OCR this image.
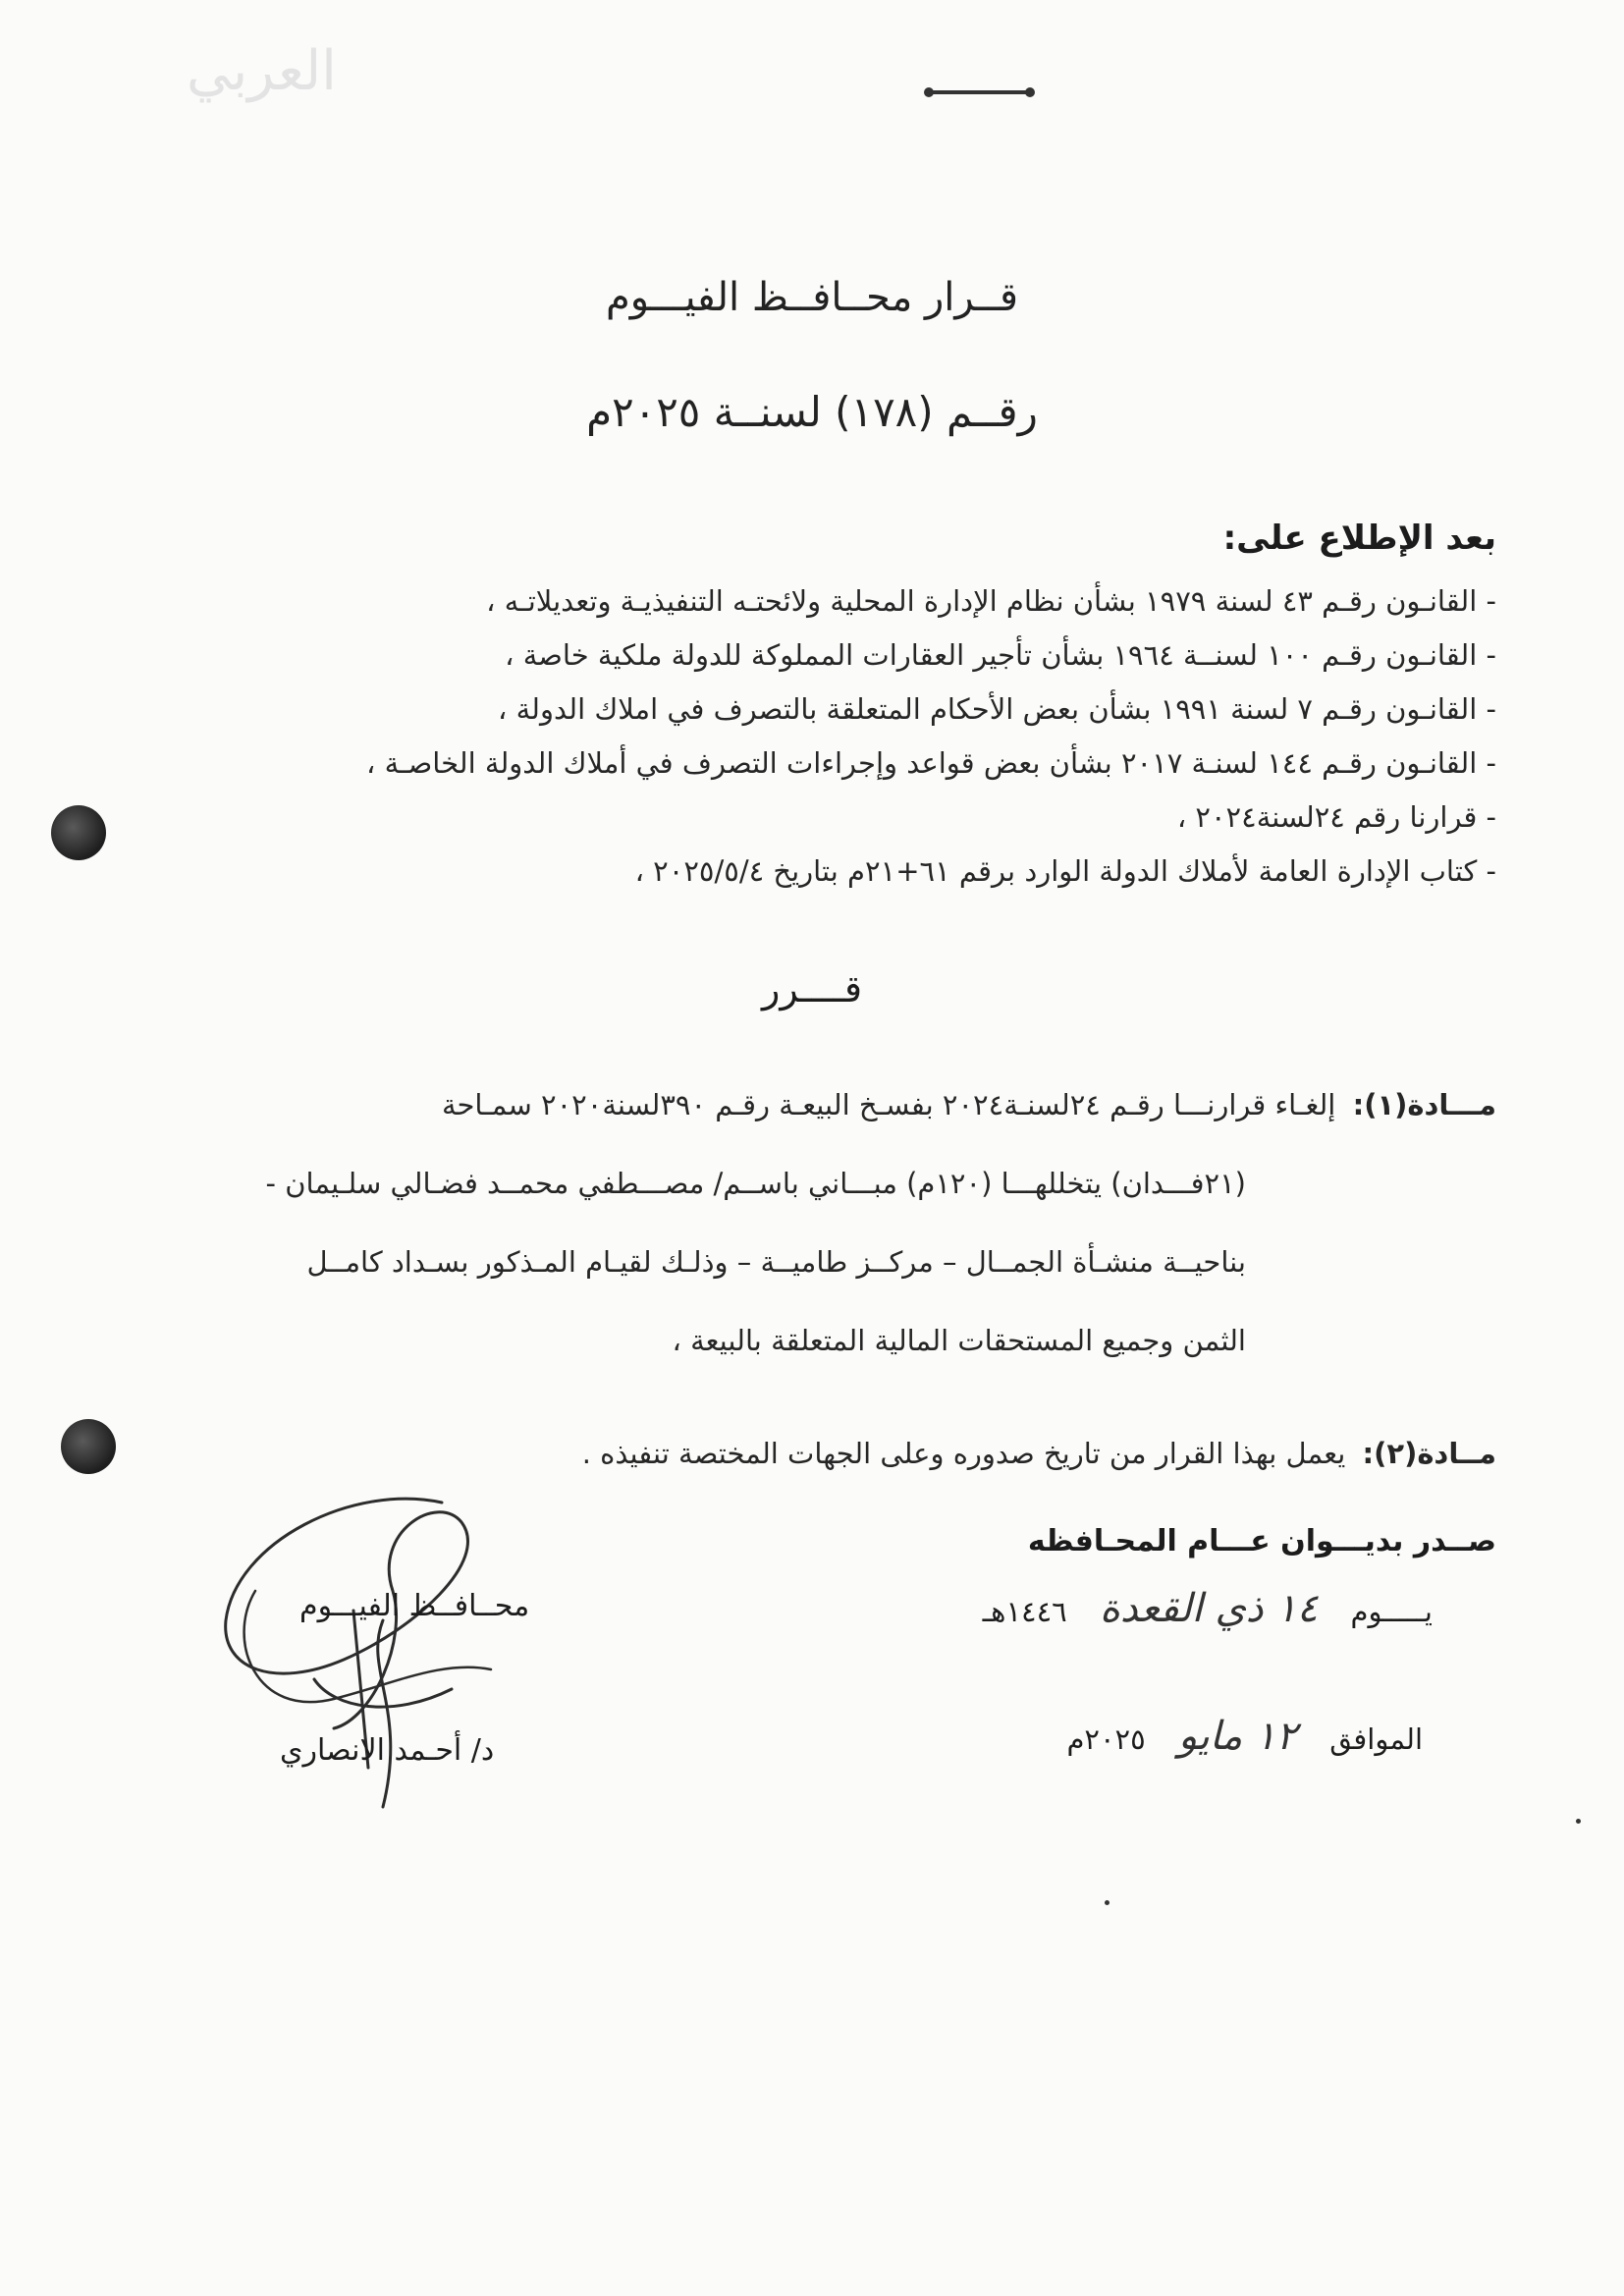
العربي
قــرار محــافــظ الفيـــوم
رقــم (١٧٨) لسنــة ٢٠٢٥م
بعد الإطلاع على:
- القانـون رقـم ٤٣ لسنة ١٩٧٩ بشأن نظام الإدارة المحلية ولائحتـه التنفيذيـة وتعديلاتـه ،
- القانـون رقـم ١٠٠ لسنــة ١٩٦٤ بشأن تأجير العقارات المملوكة للدولة ملكية خاصة ،
- القانـون رقـم ٧ لسنة ١٩٩١ بشأن بعض الأحكام المتعلقة بالتصرف في املاك الدولة ،
- القانـون رقـم ١٤٤ لسنـة ٢٠١٧ بشأن بعض قواعد وإجراءات التصرف في أملاك الدولة الخاصـة ،
- قرارنا رقم ٢٤لسنة٢٠٢٤ ،
- كتاب الإدارة العامة لأملاك الدولة الوارد برقم ٦١+٢١م بتاريخ ٢٠٢٥/٥/٤ ،
قــــرر
مـــادة(١): إلغـاء قرارنـــا رقـم ٢٤لسنـة٢٠٢٤ بفسـخ البيعـة رقـم ٣٩٠لسنة٢٠٢٠ سمـاحة
(٢١فـــدان) يتخللهـــا (١٢٠م) مبـــاني باســم/ مصـــطفي محمــد فضـالي سلـيمان -
بناحيــة منشـأة الجمــال – مركــز طاميــة – وذلـك لقيـام المـذكور بسـداد كامــل
الثمن وجميع المستحقات المالية المتعلقة بالبيعة ،
مــادة(٢): يعمل بهذا القرار من تاريخ صدوره وعلى الجهات المختصة تنفيذه .
صــدر بديـــوان عـــام المحـافظه
يـــــوم ١٤ ذي القعدة ١٤٤٦هـ
الموافق ١٢ مايو ٢٠٢٥م
محــافــظ الفيـــوم
د/ أحـمد الانصاري
